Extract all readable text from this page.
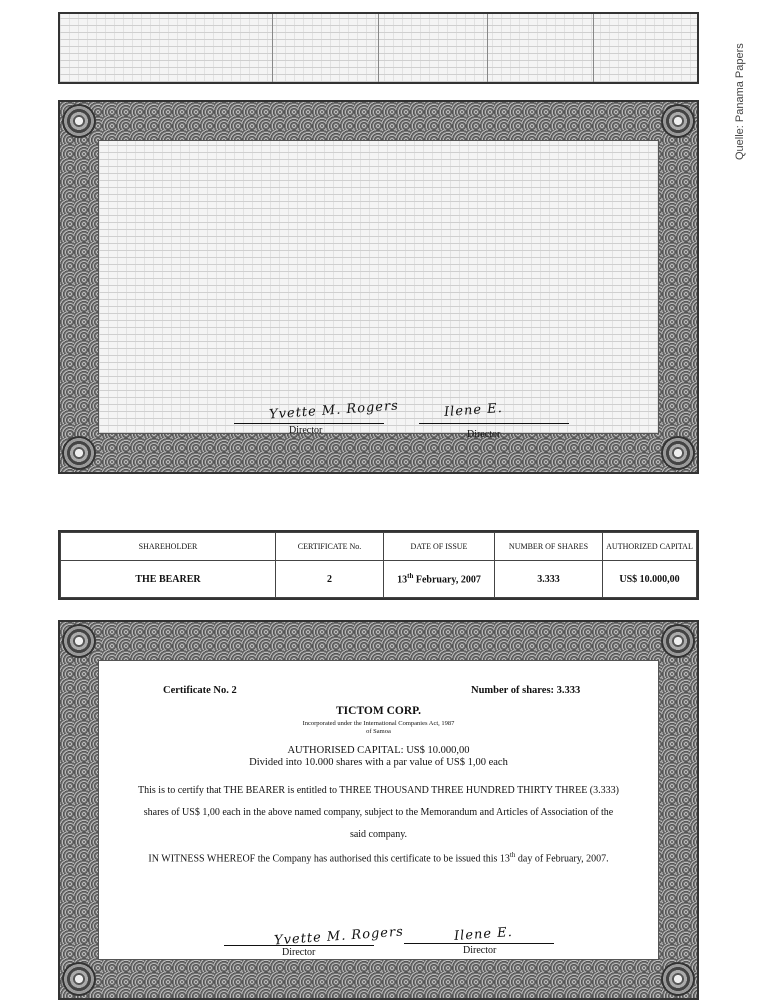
Quelle: Panama Papers
Yvette M. Rogers
Director
Ilene E.
Director
SHAREHOLDER	CERTIFICATE No.	DATE OF ISSUE	NUMBER OF SHARES	AUTHORIZED CAPITAL
THE BEARER	2	13th February, 2007	3.333	US$ 10.000,00
Certificate No. 2	Number of shares: 3.333
TICTOM CORP.
Incorporated under the International Companies Act, 1987
of Samoa
AUTHORISED CAPITAL: US$ 10.000,00
Divided into 10.000 shares with a par value of US$ 1,00 each
This is to certify that THE BEARER is entitled to THREE THOUSAND THREE HUNDRED THIRTY THREE (3.333)
shares of US$ 1,00 each in the above named company, subject to the Memorandum and Articles of Association of the
said company.
IN WITNESS WHEREOF the Company has authorised this certificate to be issued this 13th day of February, 2007.
Yvette M. Rogers
Director
Ilene E.
Director
